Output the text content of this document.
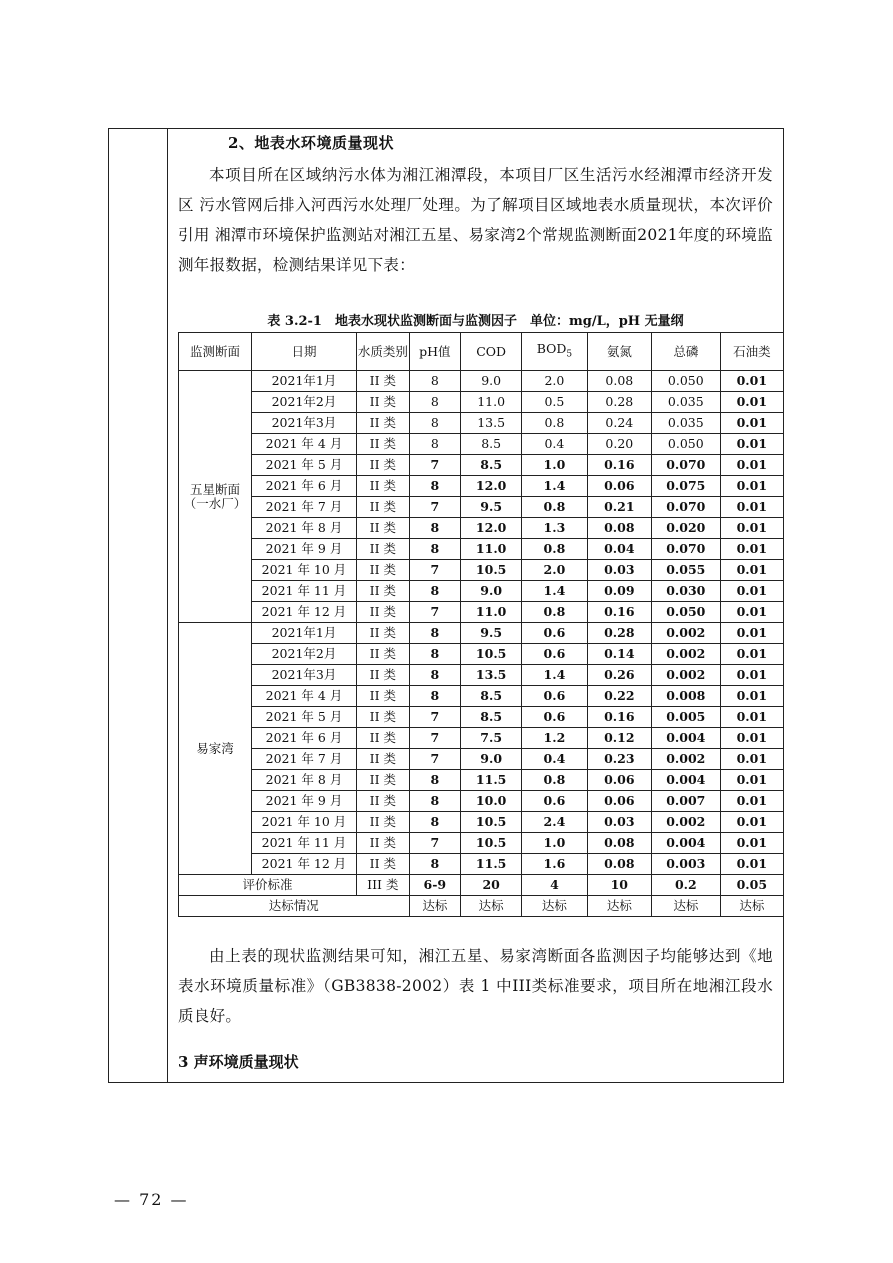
2、地表水环境质量现状
本项目所在区域纳污水体为湘江湘潭段，本项目厂区生活污水经湘潭市经济开发区 污水管网后排入河西污水处理厂处理。为了解项目区域地表水质量现状，本次评价引用 湘潭市环境保护监测站对湘江五星、易家湾2个常规监测断面2021年度的环境监测年报数据，检测结果详见下表：
表 3.2-1　地表水现状监测断面与监测因子　单位：mg/L，pH 无量纲
监测断面	日期	水质类别	pH值	COD	$BOD_5$	氨氮	总磷	石油类
五星断面（一水厂）	2021年1月	II 类	8	9.0	2.0	0.08	0.050	0.01
	2021年2月	II 类	8	11.0	0.5	0.28	0.035	0.01
	2021年3月	II 类	8	13.5	0.8	0.24	0.035	0.01
	2021 年 4 月	II 类	8	8.5	0.4	0.20	0.050	0.01
	2021 年 5 月	II 类	7	8.5	1.0	0.16	0.070	0.01
	2021 年 6 月	II 类	8	12.0	1.4	0.06	0.075	0.01
	2021 年 7 月	II 类	7	9.5	0.8	0.21	0.070	0.01
	2021 年 8 月	II 类	8	12.0	1.3	0.08	0.020	0.01
	2021 年 9 月	II 类	8	11.0	0.8	0.04	0.070	0.01
	2021 年 10 月	II 类	7	10.5	2.0	0.03	0.055	0.01
	2021 年 11 月	II 类	8	9.0	1.4	0.09	0.030	0.01
	2021 年 12 月	II 类	7	11.0	0.8	0.16	0.050	0.01
易家湾	2021年1月	II 类	8	9.5	0.6	0.28	0.002	0.01
	2021年2月	II 类	8	10.5	0.6	0.14	0.002	0.01
	2021年3月	II 类	8	13.5	1.4	0.26	0.002	0.01
	2021 年 4 月	II 类	8	8.5	0.6	0.22	0.008	0.01
	2021 年 5 月	II 类	7	8.5	0.6	0.16	0.005	0.01
	2021 年 6 月	II 类	7	7.5	1.2	0.12	0.004	0.01
	2021 年 7 月	II 类	7	9.0	0.4	0.23	0.002	0.01
	2021 年 8 月	II 类	8	11.5	0.8	0.06	0.004	0.01
	2021 年 9 月	II 类	8	10.0	0.6	0.06	0.007	0.01
	2021 年 10 月	II 类	8	10.5	2.4	0.03	0.002	0.01
	2021 年 11 月	II 类	7	10.5	1.0	0.08	0.004	0.01
	2021 年 12 月	II 类	8	11.5	1.6	0.08	0.003	0.01
评价标准		III 类	6-9	20	4	10	0.2	0.05
达标情况			达标	达标	达标	达标	达标	达标
由上表的现状监测结果可知，湘江五星、易家湾断面各监测因子均能够达到《地表水环境质量标准》（GB3838-2002）表 1 中III类标准要求，项目所在地湘江段水质良好。
3 声环境质量现状
— 72 —
